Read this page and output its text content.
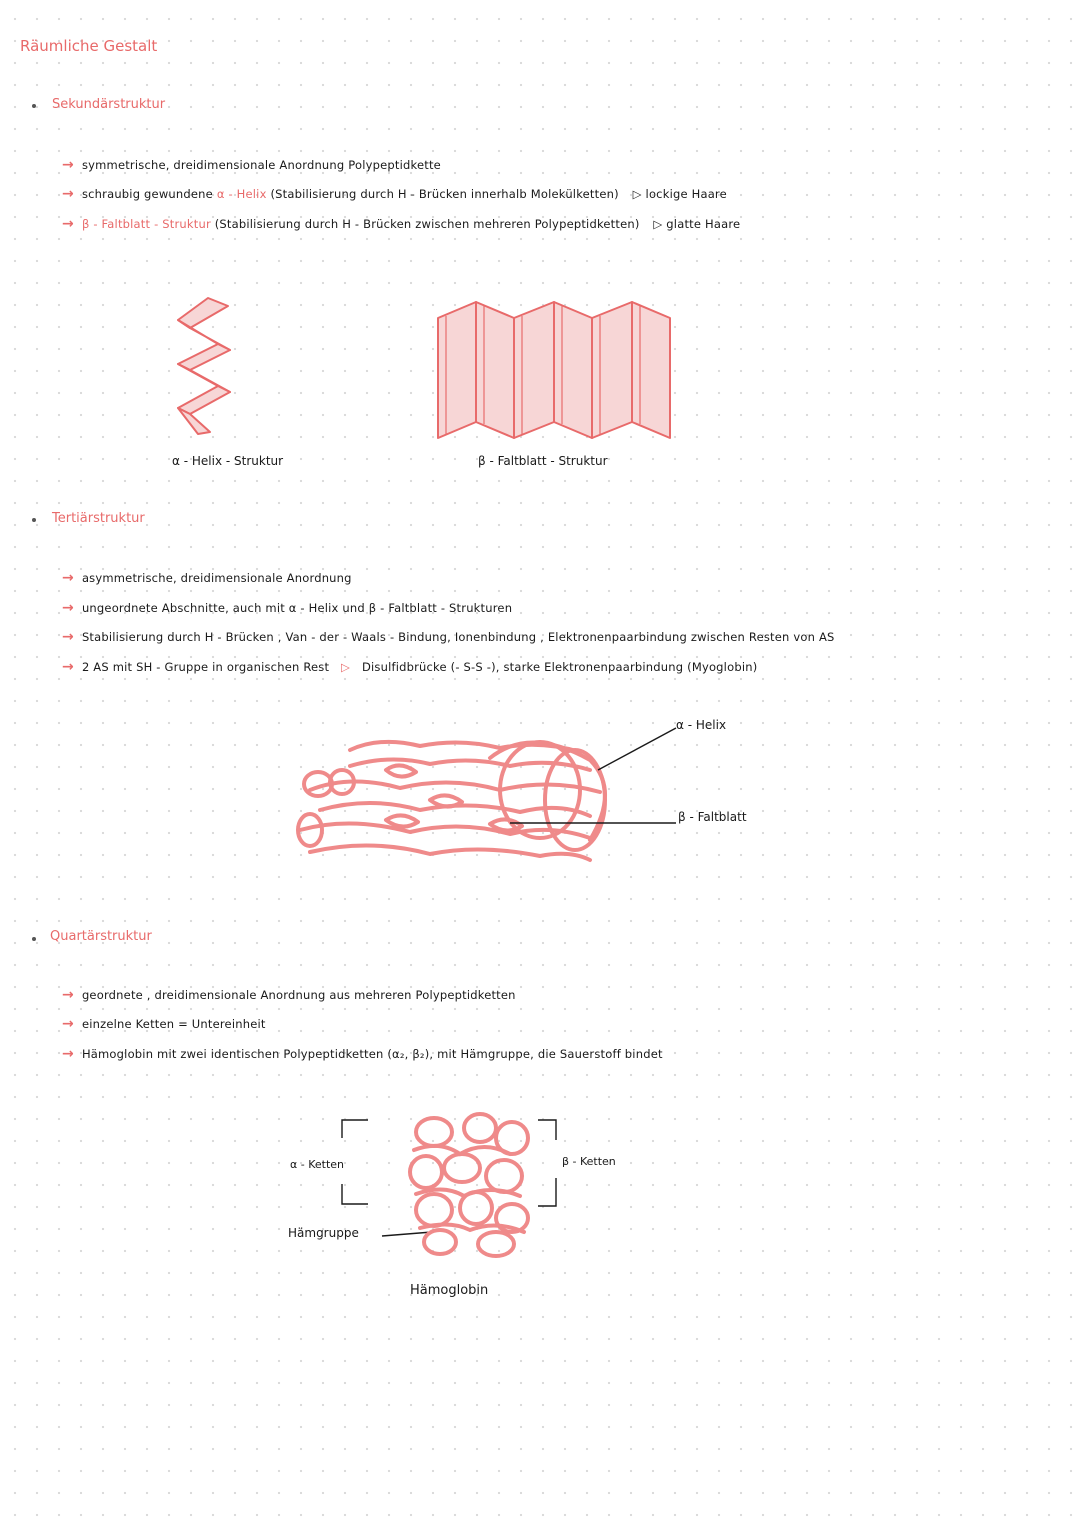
Räumliche Gestalt
Sekundärstruktur
→ symmetrische, dreidimensionale Anordnung Polypeptidkette
→ schraubig gewundene α - Helix (Stabilisierung durch H - Brücken innerhalb Molekülketten) ▷ lockige Haare
→ β - Faltblatt - Struktur (Stabilisierung durch H - Brücken zwischen mehreren Polypeptidketten) ▷ glatte Haare
α - Helix - Struktur	β - Faltblatt - Struktur
Tertiärstruktur
→ asymmetrische, dreidimensionale Anordnung
→ ungeordnete Abschnitte, auch mit α - Helix und β - Faltblatt - Strukturen
→ Stabilisierung durch H - Brücken , Van - der - Waals - Bindung, Ionenbindung , Elektronenpaarbindung zwischen Resten von AS
→ 2 AS mit SH - Gruppe in organischen Rest ▷ Disulfidbrücke (- S-S -), starke Elektronenpaarbindung (Myoglobin)
α - Helix
β - Faltblatt
Quartärstruktur
→ geordnete , dreidimensionale Anordnung aus mehreren Polypeptidketten
→ einzelne Ketten = Untereinheit
→ Hämoglobin mit zwei identischen Polypeptidketten (α₂, β₂), mit Hämgruppe, die Sauerstoff bindet
α - Ketten	β - Ketten
Hämgruppe
Hämoglobin
